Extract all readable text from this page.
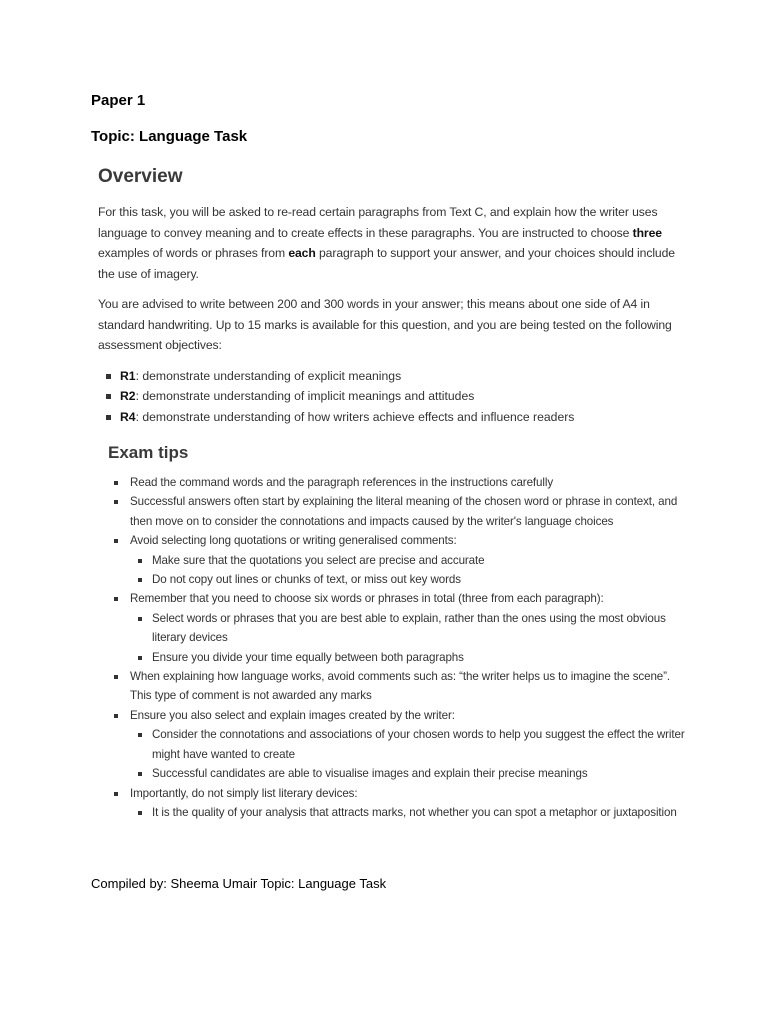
Paper 1
Topic: Language Task
Overview

For this task, you will be asked to re-read certain paragraphs from Text C, and explain how the writer uses language to convey meaning and to create effects in these paragraphs. You are instructed to choose three examples of words or phrases from each paragraph to support your answer, and your choices should include the use of imagery.

You are advised to write between 200 and 300 words in your answer; this means about one side of A4 in standard handwriting. Up to 15 marks is available for this question, and you are being tested on the following assessment objectives:

R1: demonstrate understanding of explicit meanings
R2: demonstrate understanding of implicit meanings and attitudes
R4: demonstrate understanding of how writers achieve effects and influence readers
Exam tips
Read the command words and the paragraph references in the instructions carefully
Successful answers often start by explaining the literal meaning of the chosen word or phrase in context, and then move on to consider the connotations and impacts caused by the writer's language choices
Avoid selecting long quotations or writing generalised comments:
Make sure that the quotations you select are precise and accurate
Do not copy out lines or chunks of text, or miss out key words
Remember that you need to choose six words or phrases in total (three from each paragraph):
Select words or phrases that you are best able to explain, rather than the ones using the most obvious literary devices
Ensure you divide your time equally between both paragraphs
When explaining how language works, avoid comments such as: “the writer helps us to imagine the scene”. This type of comment is not awarded any marks
Ensure you also select and explain images created by the writer:
Consider the connotations and associations of your chosen words to help you suggest the effect the writer might have wanted to create
Successful candidates are able to visualise images and explain their precise meanings
Importantly, do not simply list literary devices:
It is the quality of your analysis that attracts marks, not whether you can spot a metaphor or juxtaposition
Compiled by: Sheema Umair Topic: Language Task
